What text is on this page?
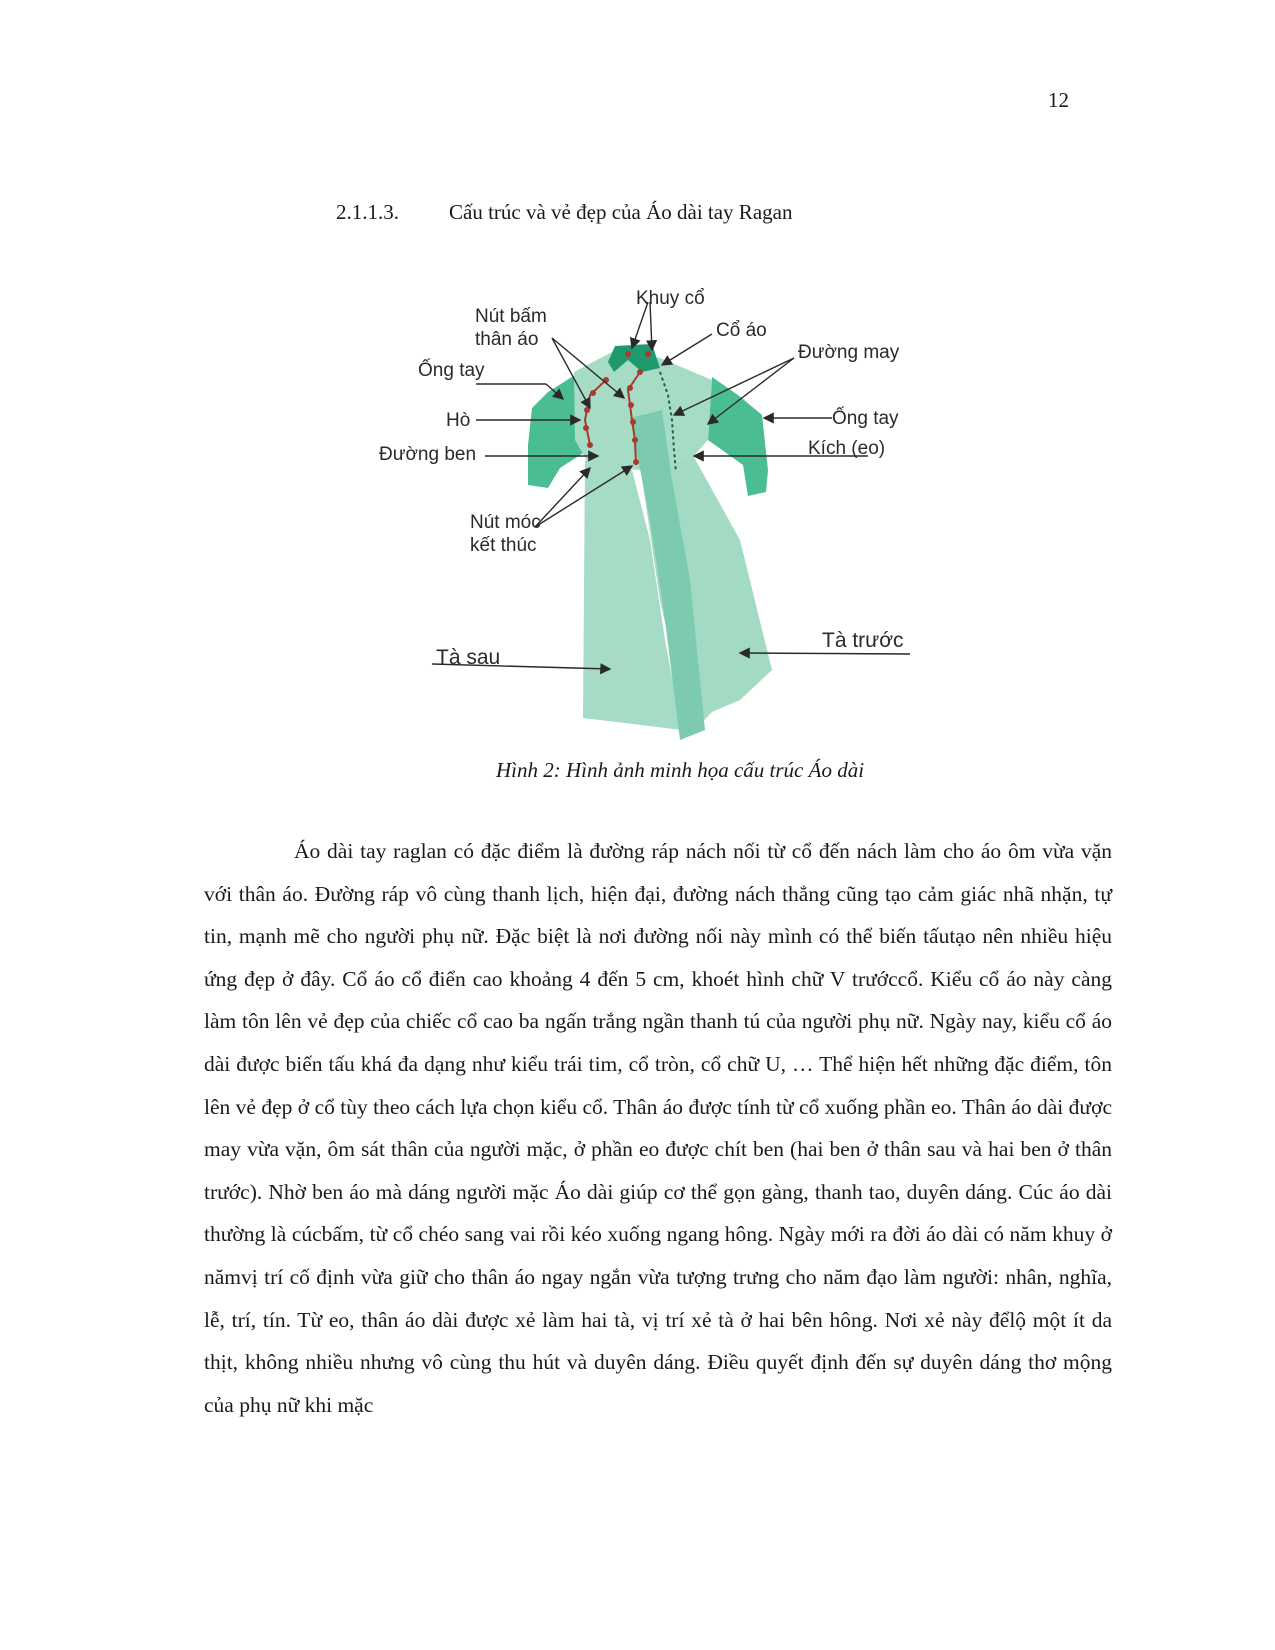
12
2.1.1.3. Cấu trúc và vẻ đẹp của Áo dài tay Ragan
Khuy cổ
Nút bấm
thân áo	Cổ áo
Ống tay
Đường may
Hò	Ống tay
Đường ben	Kích (eo)
Nút móc
kết thúc
Tà sau
Tà trước
Hình 2: Hình ảnh minh họa cấu trúc Áo dài

Áo dài tay raglan có đặc điểm là đường ráp nách nối từ cổ đến nách làm cho áo ôm vừa vặn với thân áo. Đường ráp vô cùng thanh lịch, hiện đại, đường nách thẳng cũng tạo cảm giác nhã nhặn, tự tin, mạnh mẽ cho người phụ nữ. Đặc biệt là nơi đường nối này mình có thể biến tấutạo nên nhiều hiệu ứng đẹp ở đây. Cổ áo cổ điển cao khoảng 4 đến 5 cm, khoét hình chữ V trướccổ. Kiểu cổ áo này càng làm tôn lên vẻ đẹp của chiếc cổ cao ba ngấn trắng ngần thanh tú của người phụ nữ. Ngày nay, kiểu cổ áo dài được biến tấu khá đa dạng như kiểu trái tim, cổ tròn, cổ chữ U, … Thể hiện hết những đặc điểm, tôn lên vẻ đẹp ở cổ tùy theo cách lựa chọn kiểu cổ. Thân áo được tính từ cổ xuống phần eo. Thân áo dài được may vừa vặn, ôm sát thân của người mặc, ở phần eo được chít ben (hai ben ở thân sau và hai ben ở thân trước). Nhờ ben áo mà dáng người mặc Áo dài giúp cơ thể gọn gàng, thanh tao, duyên dáng. Cúc áo dài thường là cúcbấm, từ cổ chéo sang vai rồi kéo xuống ngang hông. Ngày mới ra đời áo dài có năm khuy ở nămvị trí cố định vừa giữ cho thân áo ngay ngắn vừa tượng trưng cho năm đạo làm người: nhân, nghĩa, lễ, trí, tín. Từ eo, thân áo dài được xẻ làm hai tà, vị trí xẻ tà ở hai bên hông. Nơi xẻ này đểlộ một ít da thịt, không nhiều nhưng vô cùng thu hút và duyên dáng. Điều quyết định đến sự duyên dáng thơ mộng của phụ nữ khi mặc
